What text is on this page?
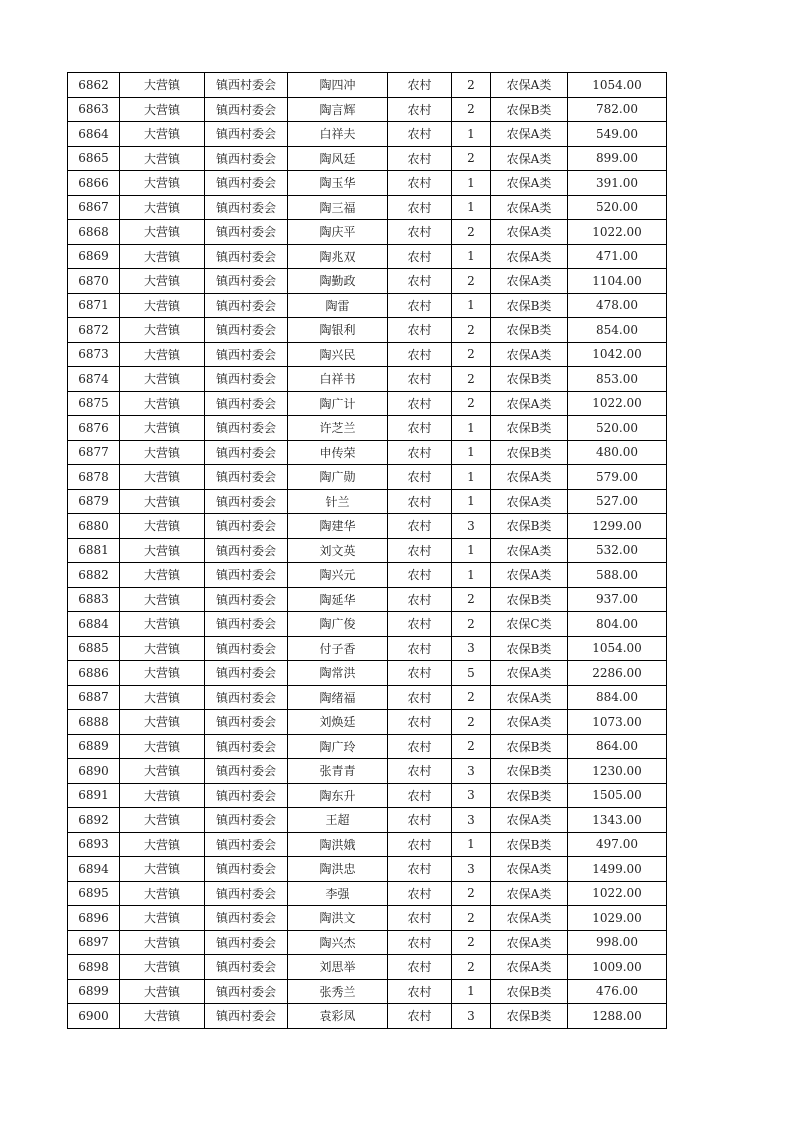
6862	大营镇	镇西村委会	陶四冲	农村	2	农保A类	1054.00
6863	大营镇	镇西村委会	陶言辉	农村	2	农保B类	782.00
6864	大营镇	镇西村委会	白祥夫	农村	1	农保A类	549.00
6865	大营镇	镇西村委会	陶风廷	农村	2	农保A类	899.00
6866	大营镇	镇西村委会	陶玉华	农村	1	农保A类	391.00
6867	大营镇	镇西村委会	陶三福	农村	1	农保A类	520.00
6868	大营镇	镇西村委会	陶庆平	农村	2	农保A类	1022.00
6869	大营镇	镇西村委会	陶兆双	农村	1	农保A类	471.00
6870	大营镇	镇西村委会	陶勤政	农村	2	农保A类	1104.00
6871	大营镇	镇西村委会	陶雷	农村	1	农保B类	478.00
6872	大营镇	镇西村委会	陶银利	农村	2	农保B类	854.00
6873	大营镇	镇西村委会	陶兴民	农村	2	农保A类	1042.00
6874	大营镇	镇西村委会	白祥书	农村	2	农保B类	853.00
6875	大营镇	镇西村委会	陶广计	农村	2	农保A类	1022.00
6876	大营镇	镇西村委会	许芝兰	农村	1	农保B类	520.00
6877	大营镇	镇西村委会	申传荣	农村	1	农保B类	480.00
6878	大营镇	镇西村委会	陶广勋	农村	1	农保A类	579.00
6879	大营镇	镇西村委会	针兰	农村	1	农保A类	527.00
6880	大营镇	镇西村委会	陶建华	农村	3	农保B类	1299.00
6881	大营镇	镇西村委会	刘文英	农村	1	农保A类	532.00
6882	大营镇	镇西村委会	陶兴元	农村	1	农保A类	588.00
6883	大营镇	镇西村委会	陶延华	农村	2	农保B类	937.00
6884	大营镇	镇西村委会	陶广俊	农村	2	农保C类	804.00
6885	大营镇	镇西村委会	付子香	农村	3	农保B类	1054.00
6886	大营镇	镇西村委会	陶常洪	农村	5	农保A类	2286.00
6887	大营镇	镇西村委会	陶绪福	农村	2	农保A类	884.00
6888	大营镇	镇西村委会	刘焕廷	农村	2	农保A类	1073.00
6889	大营镇	镇西村委会	陶广玲	农村	2	农保B类	864.00
6890	大营镇	镇西村委会	张青青	农村	3	农保B类	1230.00
6891	大营镇	镇西村委会	陶东升	农村	3	农保B类	1505.00
6892	大营镇	镇西村委会	王超	农村	3	农保A类	1343.00
6893	大营镇	镇西村委会	陶洪娥	农村	1	农保B类	497.00
6894	大营镇	镇西村委会	陶洪忠	农村	3	农保A类	1499.00
6895	大营镇	镇西村委会	李强	农村	2	农保A类	1022.00
6896	大营镇	镇西村委会	陶洪文	农村	2	农保A类	1029.00
6897	大营镇	镇西村委会	陶兴杰	农村	2	农保A类	998.00
6898	大营镇	镇西村委会	刘思举	农村	2	农保A类	1009.00
6899	大营镇	镇西村委会	张秀兰	农村	1	农保B类	476.00
6900	大营镇	镇西村委会	袁彩凤	农村	3	农保B类	1288.00
